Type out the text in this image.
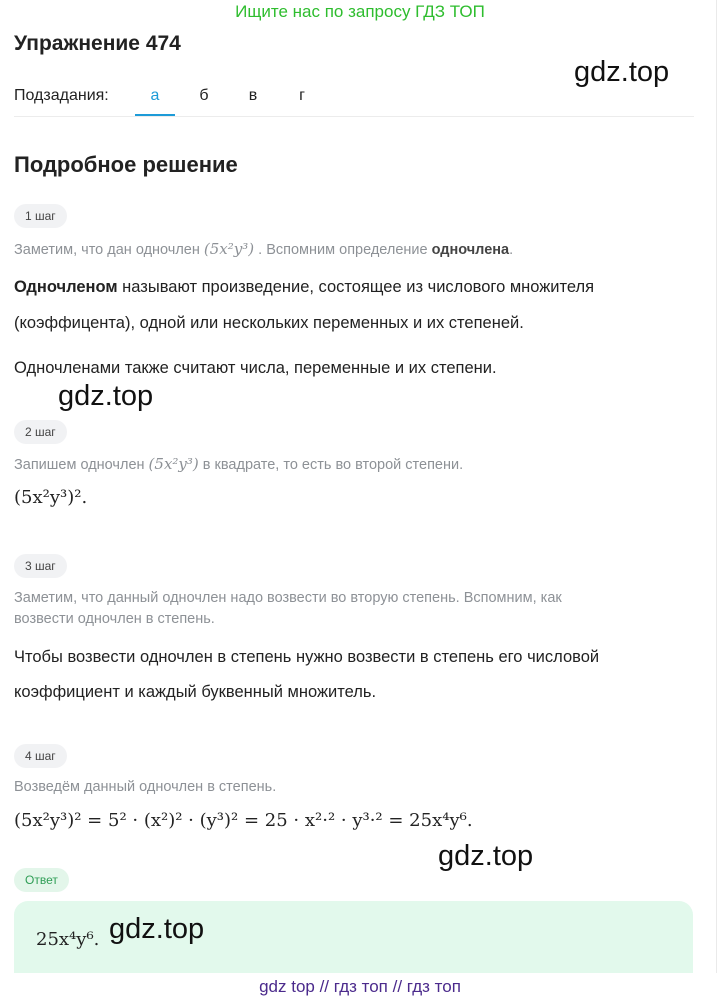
Ищите нас по запросу ГДЗ ТОП
Упражнение 474
gdz.top
Подзадания:	а	б	в	г
Подробное решение
1 шаг
Заметим, что дан одночлен (5x²y³) . Вспомним определение одночлена.
Одночленом называют произведение, состоящее из числового множителя
(коэффицента), одной или нескольких переменных и их степеней.
Одночленами также считают числа, переменные и их степени.
gdz.top
2 шаг
Запишем одночлен (5x²y³) в квадрате, то есть во второй степени.
(5x²y³)².
3 шаг
Заметим, что данный одночлен надо возвести во вторую степень. Вспомним, как
возвести одночлен в степень.
Чтобы возвести одночлен в степень нужно возвести в степень его числовой
коэффициент и каждый буквенный множитель.
4 шаг
Возведём данный одночлен в степень.
(5x²y³)² = 5² · (x²)² · (y³)² = 25 · x²·² · y³·² = 25x⁴y⁶.
gdz.top
Ответ
25x⁴y⁶. gdz.top
gdz top // гдз топ // гдз топ
